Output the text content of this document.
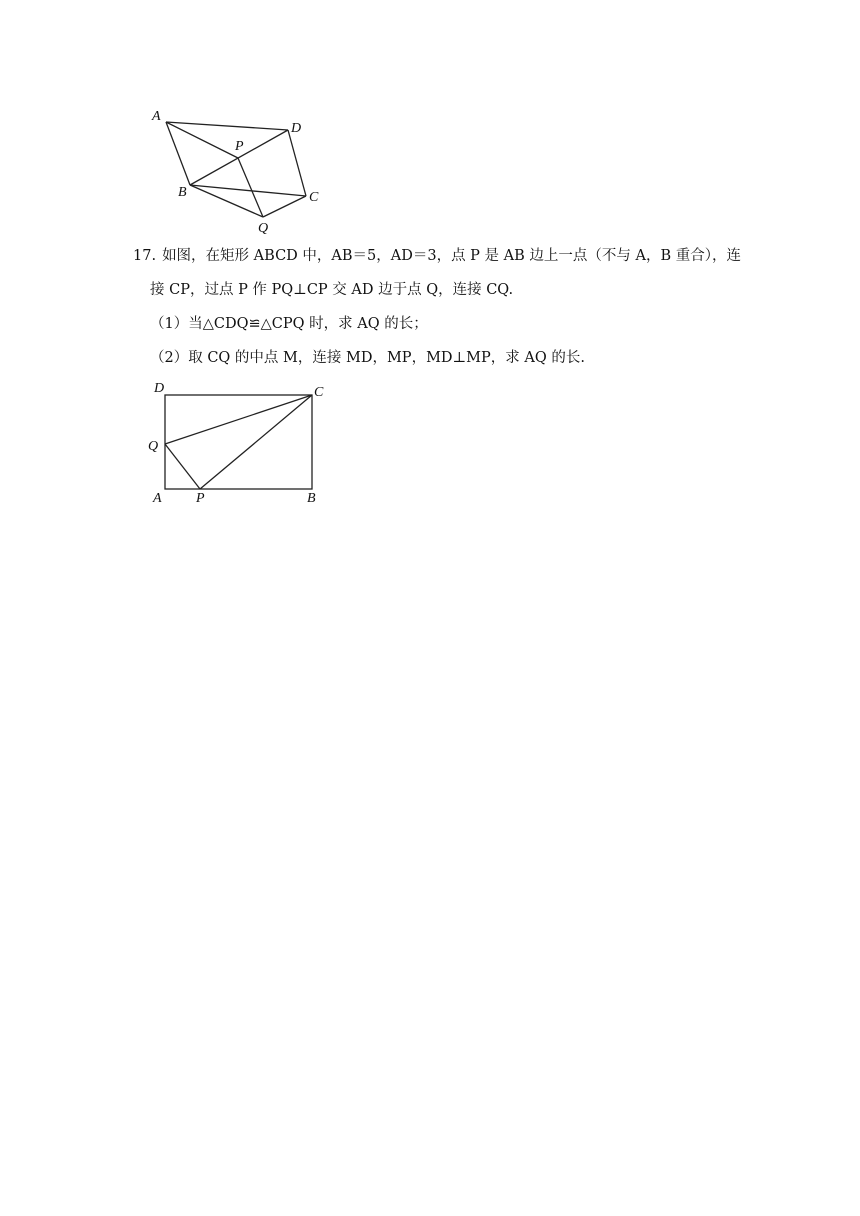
A
D
P
B	C
Q
17. 如图，在矩形 ABCD 中，AB＝5，AD＝3，点 P 是 AB 边上一点（不与 A，B 重合），连
接 CP，过点 P 作 PQ⊥CP 交 AD 边于点 Q，连接 CQ.
（1）当△CDQ≌△CPQ 时，求 AQ 的长；
（2）取 CQ 的中点 M，连接 MD，MP，MD⊥MP，求 AQ 的长.
D	C
Q
A P	B
